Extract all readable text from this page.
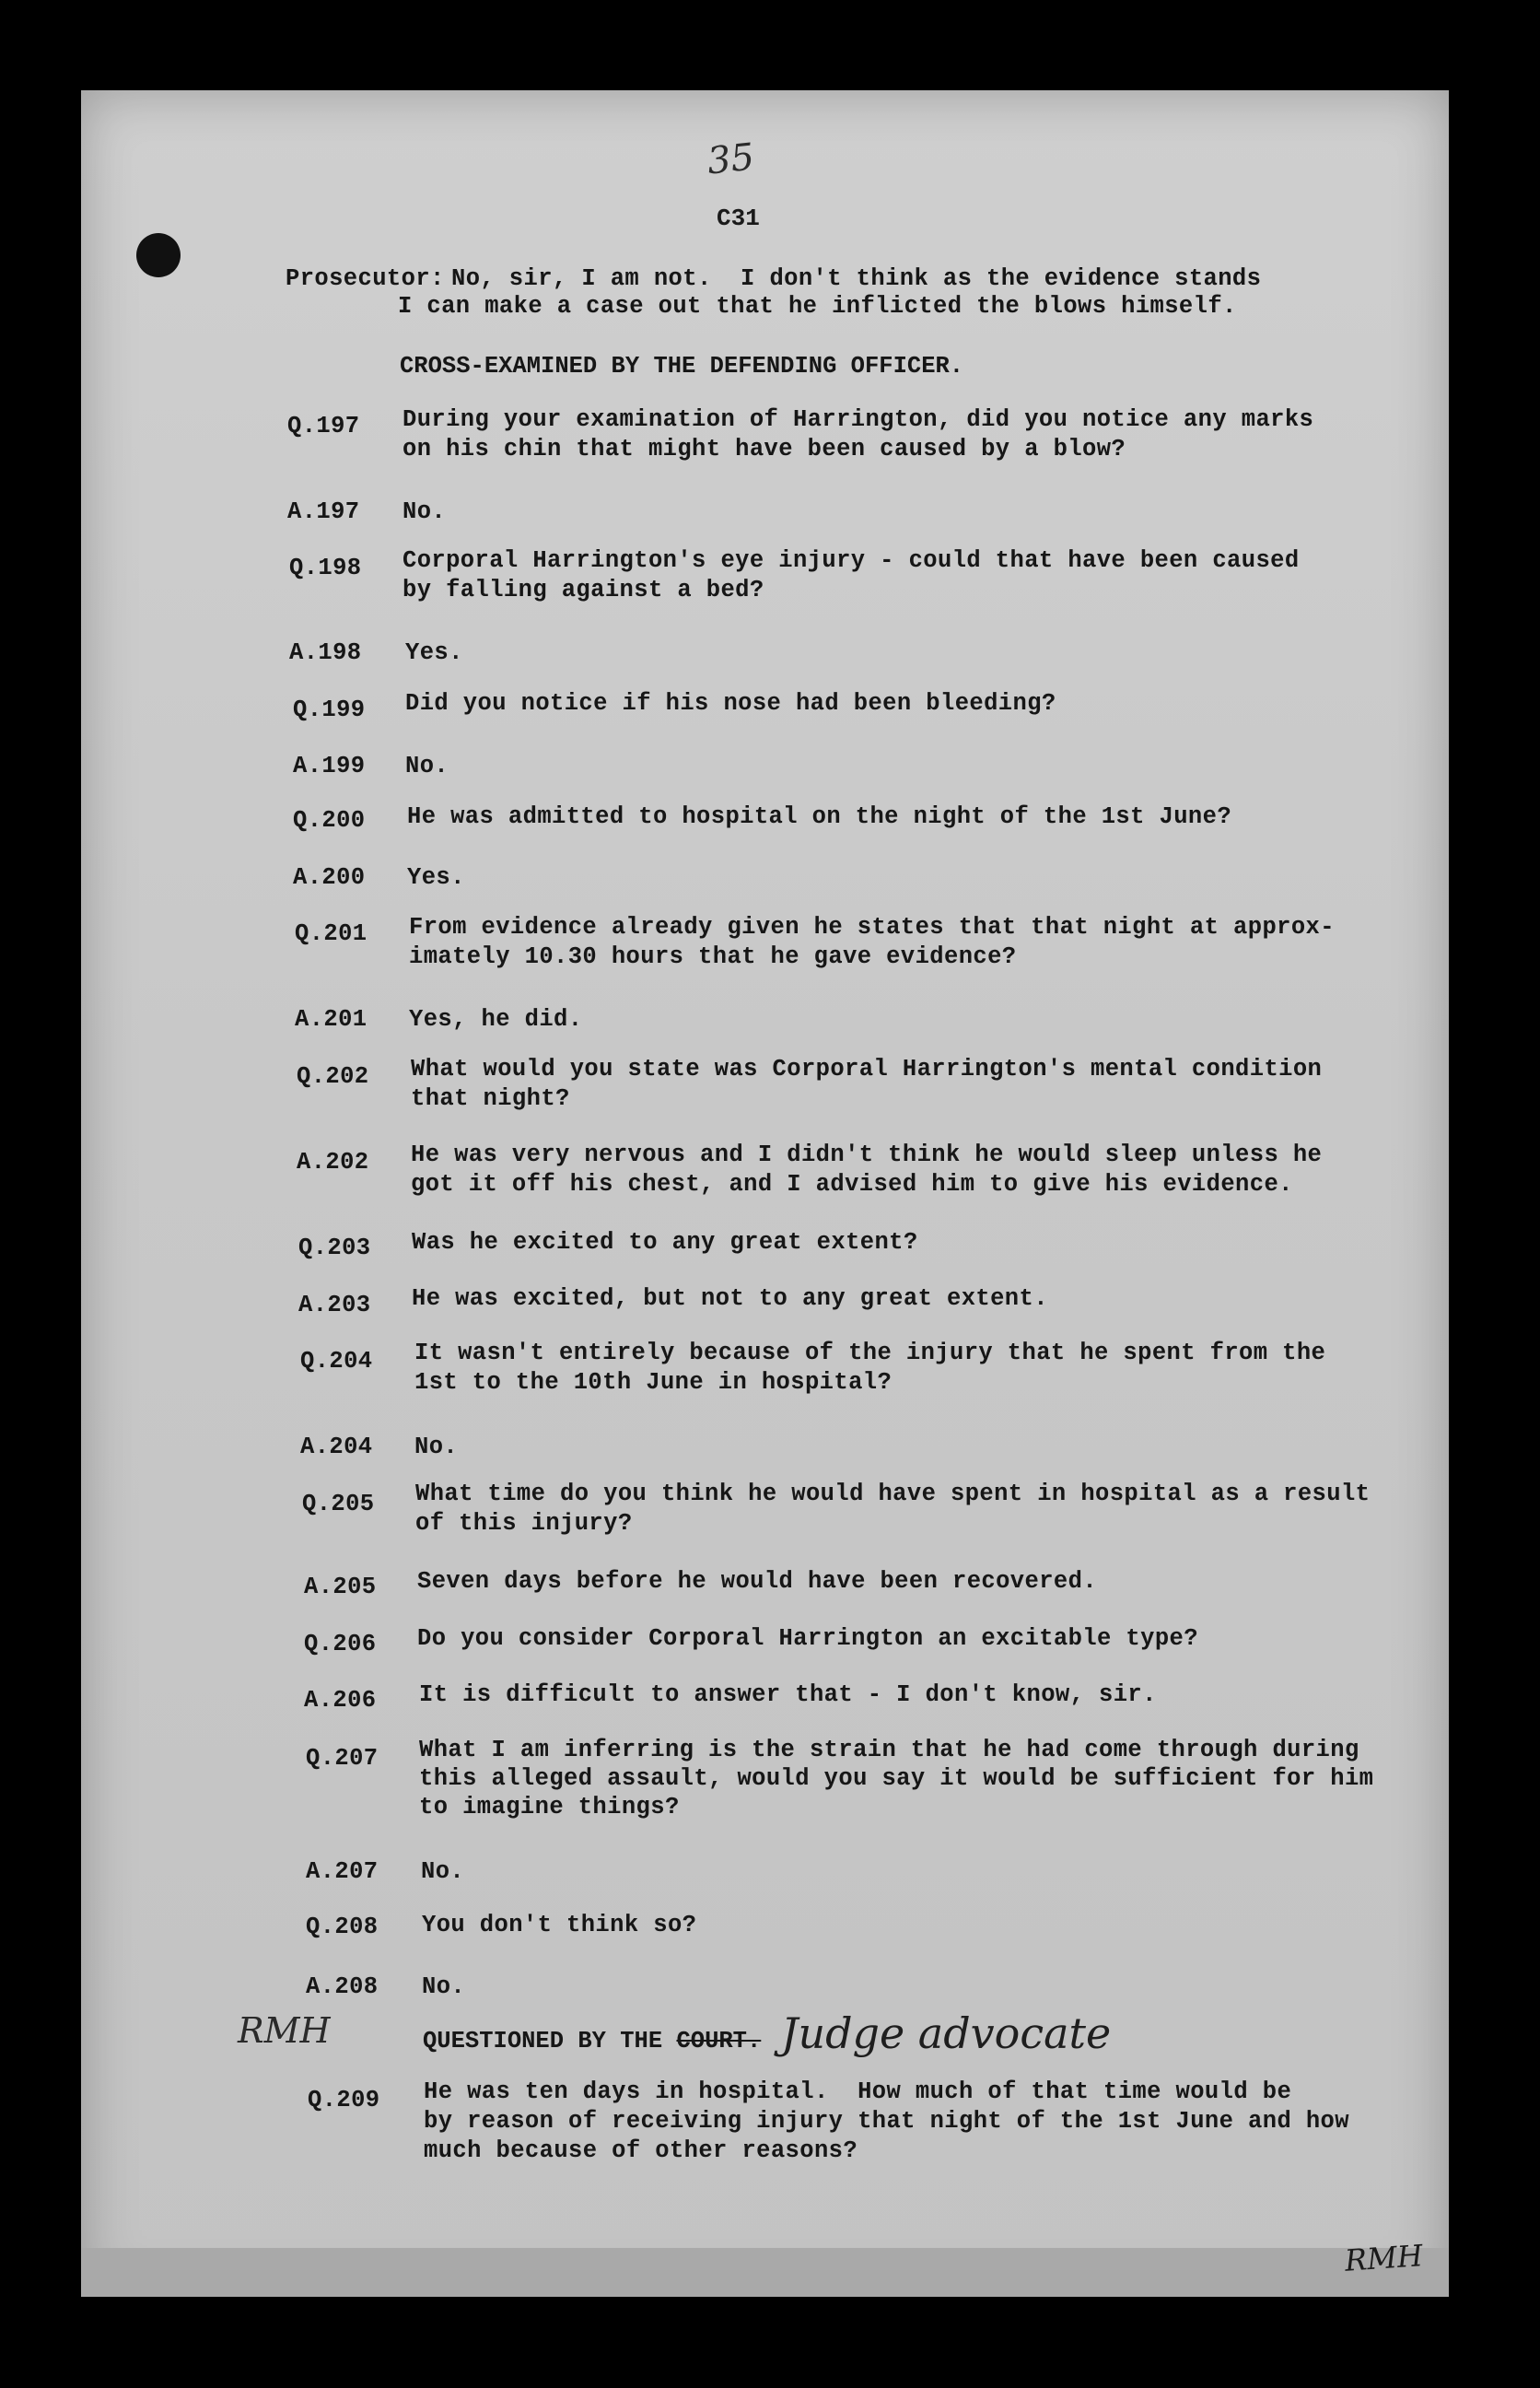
35
C31
Prosecutor: No, sir, I am not.  I don't think as the evidence stands
I can make a case out that he inflicted the blows himself.
CROSS-EXAMINED BY THE DEFENDING OFFICER.
Q.197 During your examination of Harrington, did you notice any marks
on his chin that might have been caused by a blow?
A.197 No.
Q.198 Corporal Harrington's eye injury - could that have been caused
by falling against a bed?
A.198 Yes.
Q.199 Did you notice if his nose had been bleeding?
A.199 No.
Q.200 He was admitted to hospital on the night of the 1st June?
A.200 Yes.
Q.201 From evidence already given he states that that night at approx-
imately 10.30 hours that he gave evidence?
A.201 Yes, he did.
Q.202 What would you state was Corporal Harrington's mental condition
that night?
A.202 He was very nervous and I didn't think he would sleep unless he
got it off his chest, and I advised him to give his evidence.
Q.203 Was he excited to any great extent?
A.203 He was excited, but not to any great extent.
Q.204 It wasn't entirely because of the injury that he spent from the
1st to the 10th June in hospital?
A.204 No.
Q.205 What time do you think he would have spent in hospital as a result
of this injury?
A.205 Seven days before he would have been recovered.
Q.206 Do you consider Corporal Harrington an excitable type?
A.206 It is difficult to answer that - I don't know, sir.
Q.207 What I am inferring is the strain that he had come through during
this alleged assault, would you say it would be sufficient for him
to imagine things?
A.207 No.
Q.208 You don't think so?
A.208 No.
RMH	QUESTIONED BY THE COURT. Judge advocate
Q.209 He was ten days in hospital.  How much of that time would be
by reason of receiving injury that night of the 1st June and how
much because of other reasons?
RMH
